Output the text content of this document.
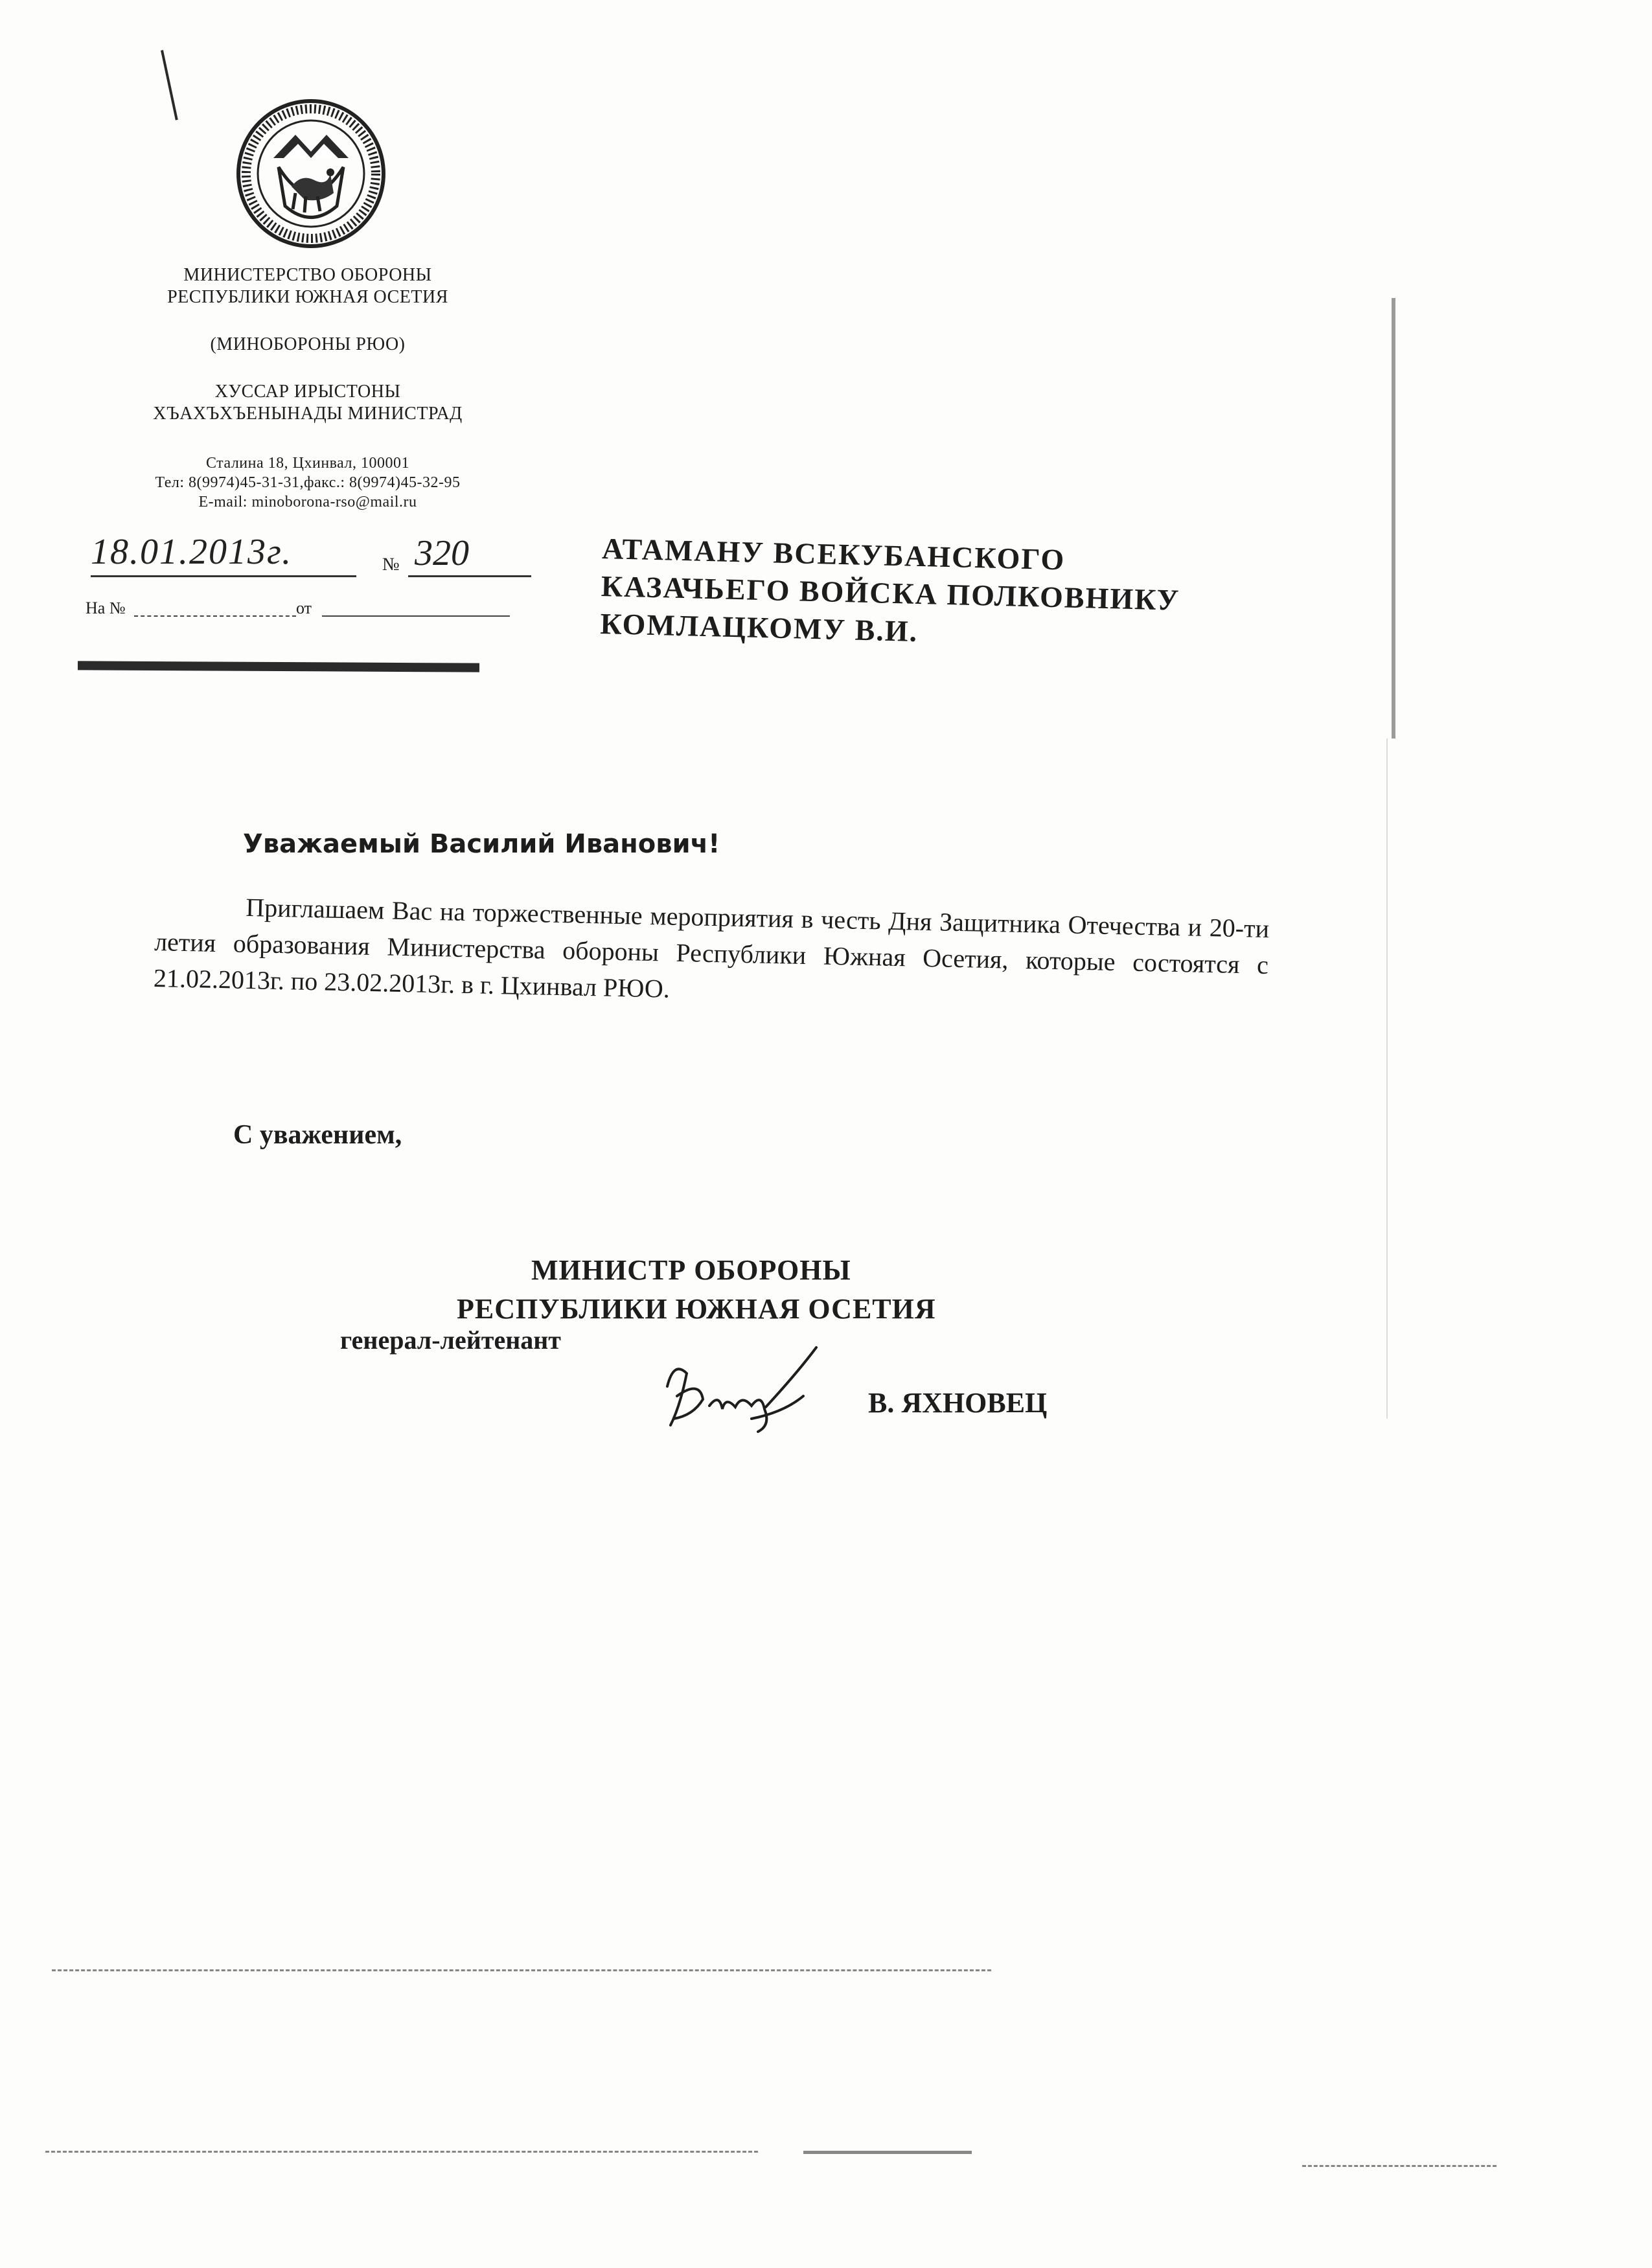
МИНИСТЕРСТВО ОБОРОНЫ
РЕСПУБЛИКИ ЮЖНАЯ ОСЕТИЯ
(МИНОБОРОНЫ РЮО)
ХУССАР ИРЫСТОНЫ
ХЪАХЪХЪЕНЫНАДЫ МИНИСТРАД
Сталина 18, Цхинвал, 100001
Тел: 8(9974)45-31-31,факс.: 8(9974)45-32-95
E-mail: minoborona-rso@mail.ru
18.01.2013г.	№ 320
На №	от
АТАМАНУ ВСЕКУБАНСКОГО
КАЗАЧЬЕГО ВОЙСКА ПОЛКОВНИКУ
КОМЛАЦКОМУ В.И.
Уважаемый Василий Иванович!

Приглашаем Вас на торжественные мероприятия в честь Дня Защитника Отечества и 20-ти летия образования Министерства обороны Республики Южная Осетия, которые состоятся с 21.02.2013г. по 23.02.2013г. в г. Цхинвал РЮО.

С уважением,
МИНИСТР ОБОРОНЫ
РЕСПУБЛИКИ ЮЖНАЯ ОСЕТИЯ
генерал-лейтенант
В. ЯХНОВЕЦ
